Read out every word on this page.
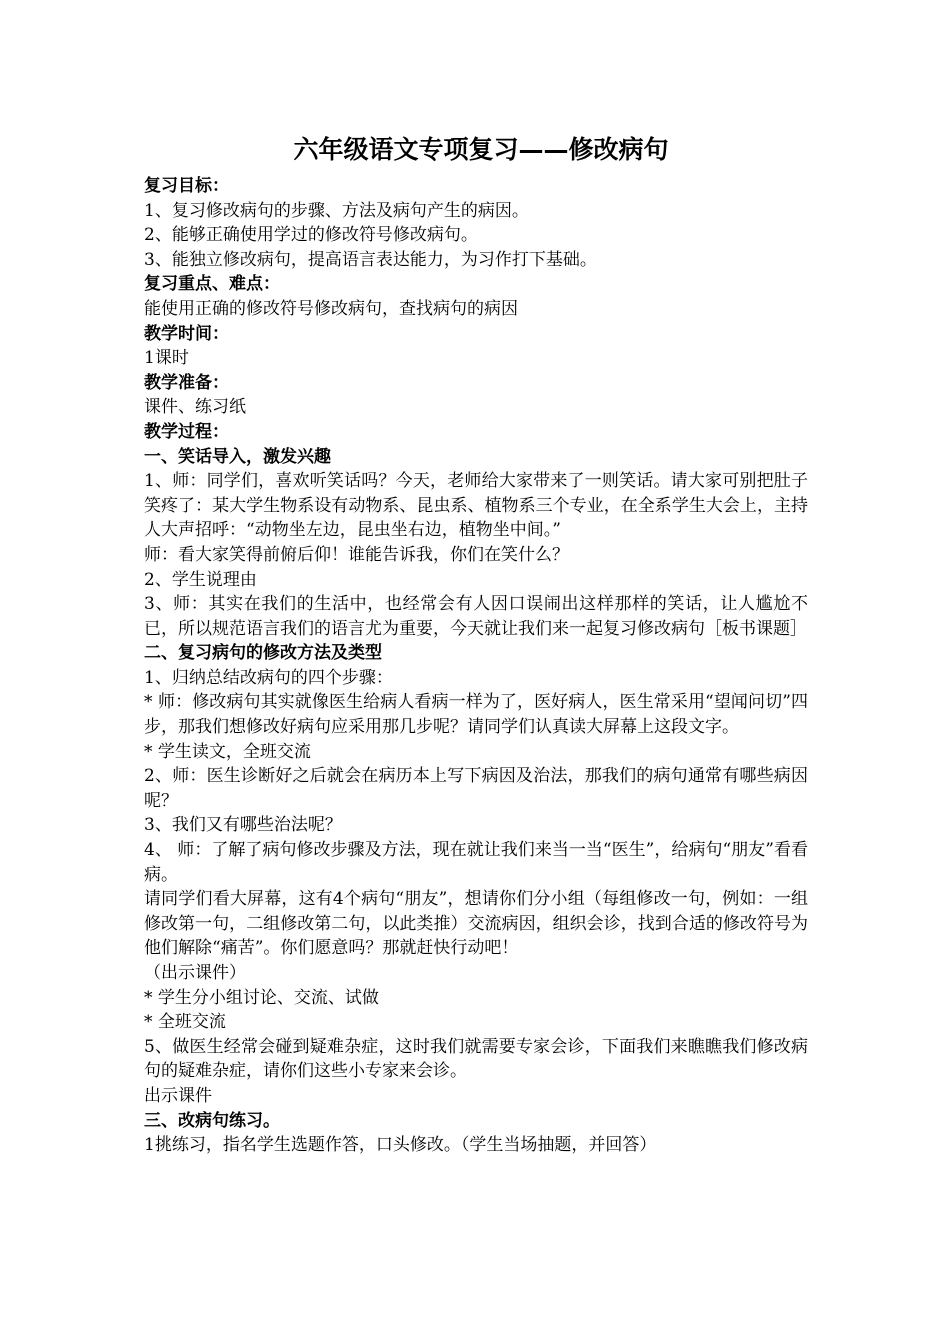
六年级语文专项复习——修改病句

复习目标：

1、复习修改病句的步骤、方法及病句产生的病因。

2、能够正确使用学过的修改符号修改病句。

3、能独立修改病句，提高语言表达能力，为习作打下基础。

复习重点、难点：

能使用正确的修改符号修改病句，查找病句的病因

教学时间：

1课时

教学准备：

课件、练习纸

教学过程：

一、笑话导入，激发兴趣

1、师：同学们，喜欢听笑话吗？今天，老师给大家带来了一则笑话。请大家可别把肚子笑疼了：某大学生物系设有动物系、昆虫系、植物系三个专业，在全系学生大会上，主持人大声招呼：“动物坐左边，昆虫坐右边，植物坐中间。”

师：看大家笑得前俯后仰！谁能告诉我，你们在笑什么？

2、学生说理由

3、师：其实在我们的生活中，也经常会有人因口误闹出这样那样的笑话，让人尴尬不已，所以规范语言我们的语言尤为重要，今天就让我们来一起复习修改病句［板书课题］

二、复习病句的修改方法及类型

1、归纳总结改病句的四个步骤：

* 师：修改病句其实就像医生给病人看病一样为了，医好病人，医生常采用“望闻问切”四步，那我们想修改好病句应采用那几步呢？请同学们认真读大屏幕上这段文字。

* 学生读文，全班交流

2、师：医生诊断好之后就会在病历本上写下病因及治法，那我们的病句通常有哪些病因呢？

3、我们又有哪些治法呢？

4、 师：了解了病句修改步骤及方法，现在就让我们来当一当“医生”，给病句“朋友”看看病。

请同学们看大屏幕，这有4个病句“朋友”，想请你们分小组（每组修改一句，例如：一组修改第一句，二组修改第二句，以此类推）交流病因，组织会诊，找到合适的修改符号为他们解除“痛苦”。你们愿意吗？那就赶快行动吧！

（出示课件）

* 学生分小组讨论、交流、试做

* 全班交流

5、做医生经常会碰到疑难杂症，这时我们就需要专家会诊，下面我们来瞧瞧我们修改病句的疑难杂症，请你们这些小专家来会诊。

出示课件

三、改病句练习。

1挑练习，指名学生选题作答，口头修改。（学生当场抽题，并回答）
